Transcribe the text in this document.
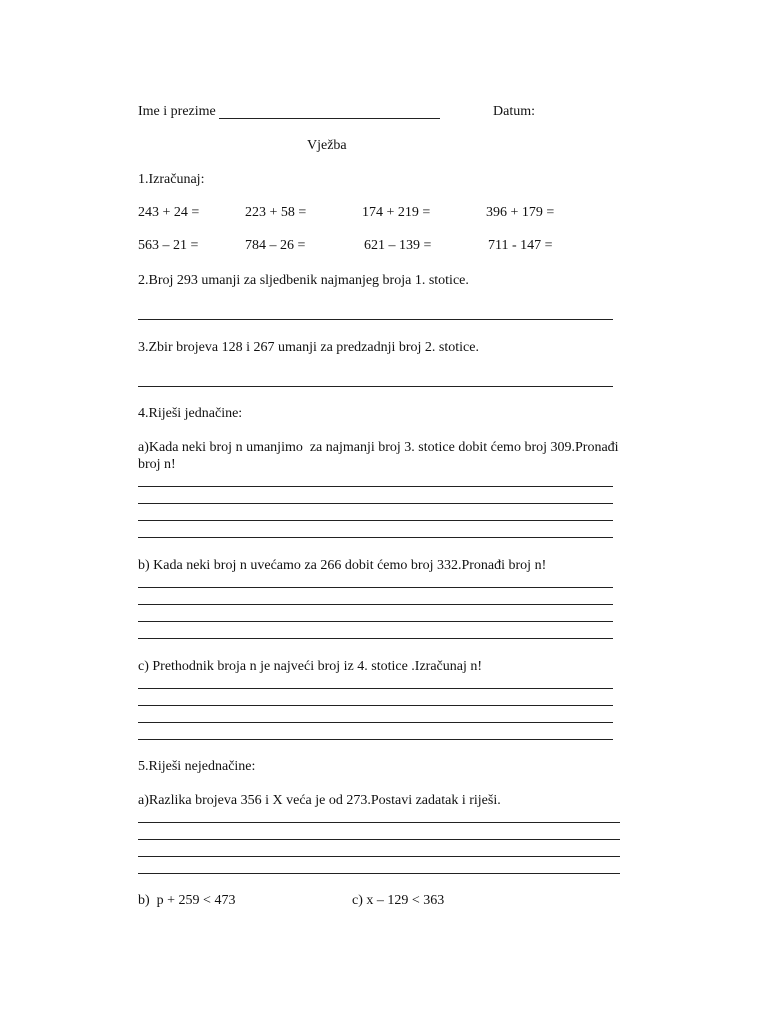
Ime i prezime	Datum:
Vježba
1.Izračunaj:
243 + 24 =	223 + 58 =	174 + 219 =	396 + 179 =
563 – 21 =	784 – 26 =	621 – 139 =	711 - 147 =
2.Broj 293 umanji za sljedbenik najmanjeg broja 1. stotice.
3.Zbir brojeva 128 i 267 umanji za predzadnji broj 2. stotice.
4.Riješi jednačine:
a)Kada neki broj n umanjimo  za najmanji broj 3. stotice dobit ćemo broj 309.Pronađi
broj n!
b) Kada neki broj n uvećamo za 266 dobit ćemo broj 332.Pronađi broj n!
c) Prethodnik broja n je najveći broj iz 4. stotice .Izračunaj n!
5.Riješi nejednačine:
a)Razlika brojeva 356 i X veća je od 273.Postavi zadatak i riješi.
b)  p + 259 < 473	c) x – 129 < 363
